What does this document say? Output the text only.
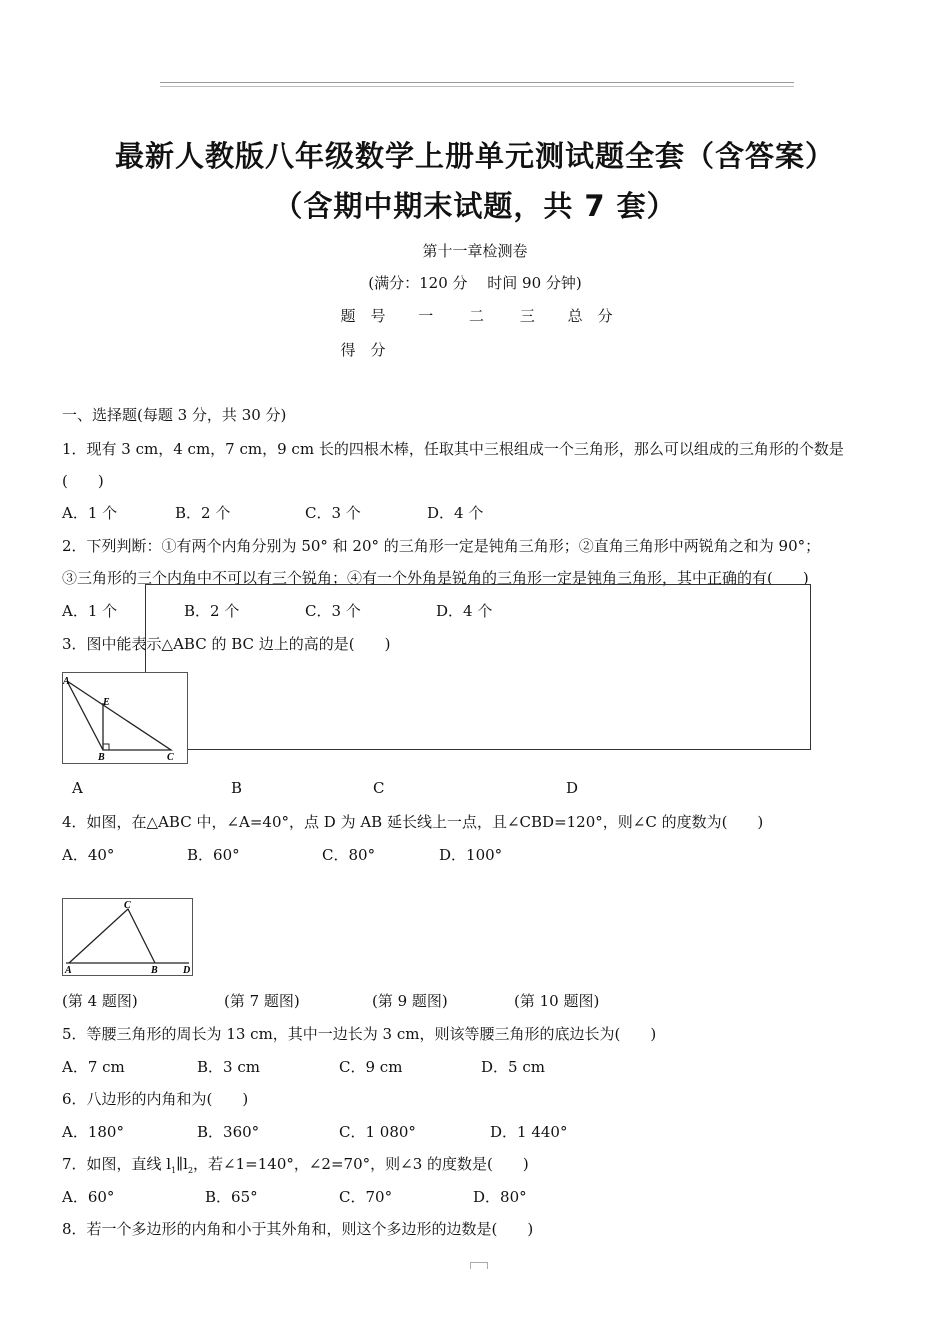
最新人教版八年级数学上册单元测试题全套（含答案）
（含期中期末试题，共 7 套）
第十一章检测卷
(满分：120 分　 时间 90 分钟)
题　号 一 二 三 总　分
得　分
一、选择题(每题 3 分，共 30 分)
1．现有 3 cm，4 cm，7 cm，9 cm 长的四根木棒，任取其中三根组成一个三角形，那么可以组成的三角形的个数是
(　　)
A．1 个	B．2 个	C．3 个	D．4 个
2．下列判断：①有两个内角分别为 50° 和 20° 的三角形一定是钝角三角形；②直角三角形中两锐角之和为 90°；
③三角形的三个内角中不可以有三个锐角；④有一个外角是锐角的三角形一定是钝角三角形，其中正确的有(　　)
A．1 个	B．2 个	C．3 个	D．4 个
3．图中能表示△ABC 的 BC 边上的高的是(　　)
A
E
B	C
A	B	C	D
4．如图，在△ABC 中，∠A=40°，点 D 为 AB 延长线上一点，且∠CBD=120°，则∠C 的度数为(　　)
A．40°	B．60°	C．80°	D．100°
C
A	B	D
(第 4 题图)	(第 7 题图)	(第 9 题图)	(第 10 题图)
5．等腰三角形的周长为 13 cm，其中一边长为 3 cm，则该等腰三角形的底边长为(　　)
A．7 cm	B．3 cm	C．9 cm	D．5 cm
6．八边形的内角和为(　　)
A．180°	B．360°	C．1 080°	D．1 440°
7．如图，直线 $l_1\parallel l_2$，若∠1=140°，∠2=70°，则∠3 的度数是(　　)
A．60°	B．65°	C．70°	D．80°
8．若一个多边形的内角和小于其外角和，则这个多边形的边数是(　　)
